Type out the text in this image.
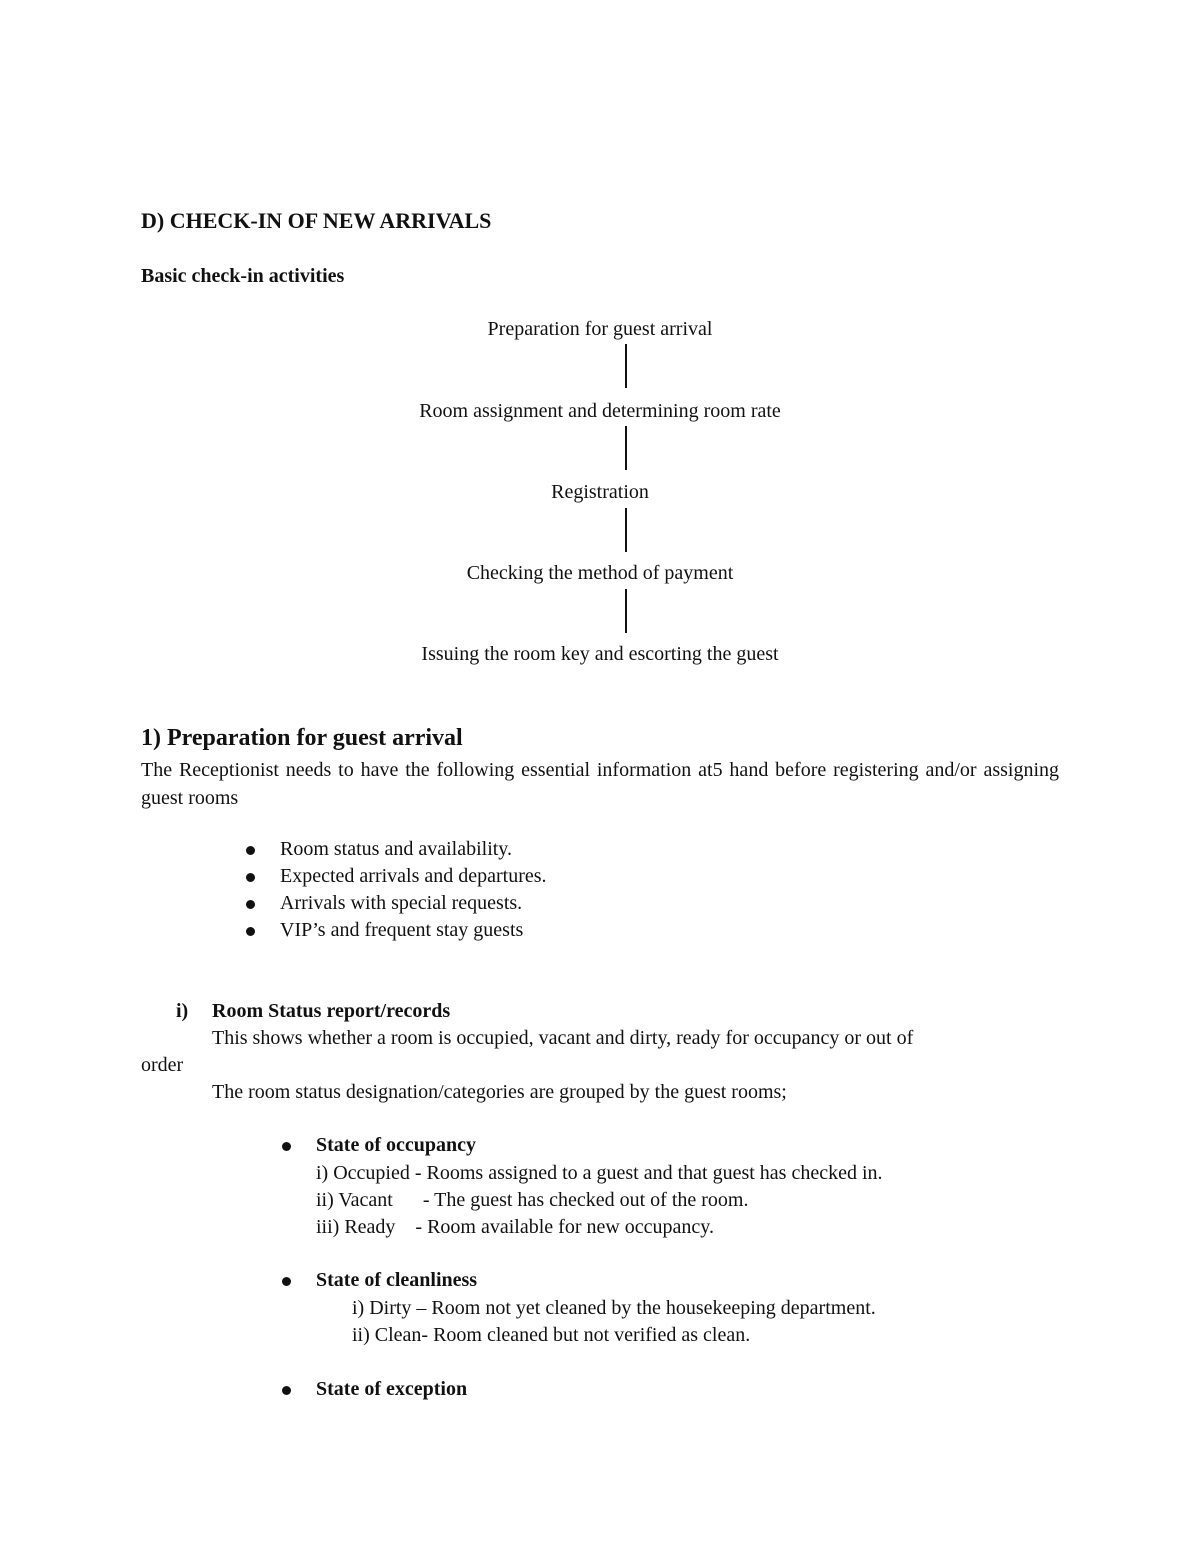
D) CHECK-IN OF NEW ARRIVALS
Basic check-in activities
Preparation for guest arrival
Room assignment and determining room rate
Registration
Checking the method of payment
Issuing the room key and escorting the guest
1) Preparation for guest arrival
The Receptionist needs to have the following essential information at5 hand before registering and/or assigning guest rooms
Room status and availability.
Expected arrivals and departures.
Arrivals with special requests.
VIP’s and frequent stay guests
i) Room Status report/records
This shows whether a room is occupied, vacant and dirty, ready for occupancy or out of
order
The room status designation/categories are grouped by the guest rooms;
State of occupancy
i) Occupied - Rooms assigned to a guest and that guest has checked in.
ii) Vacant      - The guest has checked out of the room.
iii) Ready    - Room available for new occupancy.
State of cleanliness
i) Dirty – Room not yet cleaned by the housekeeping department.
ii) Clean- Room cleaned but not verified as clean.
State of exception
